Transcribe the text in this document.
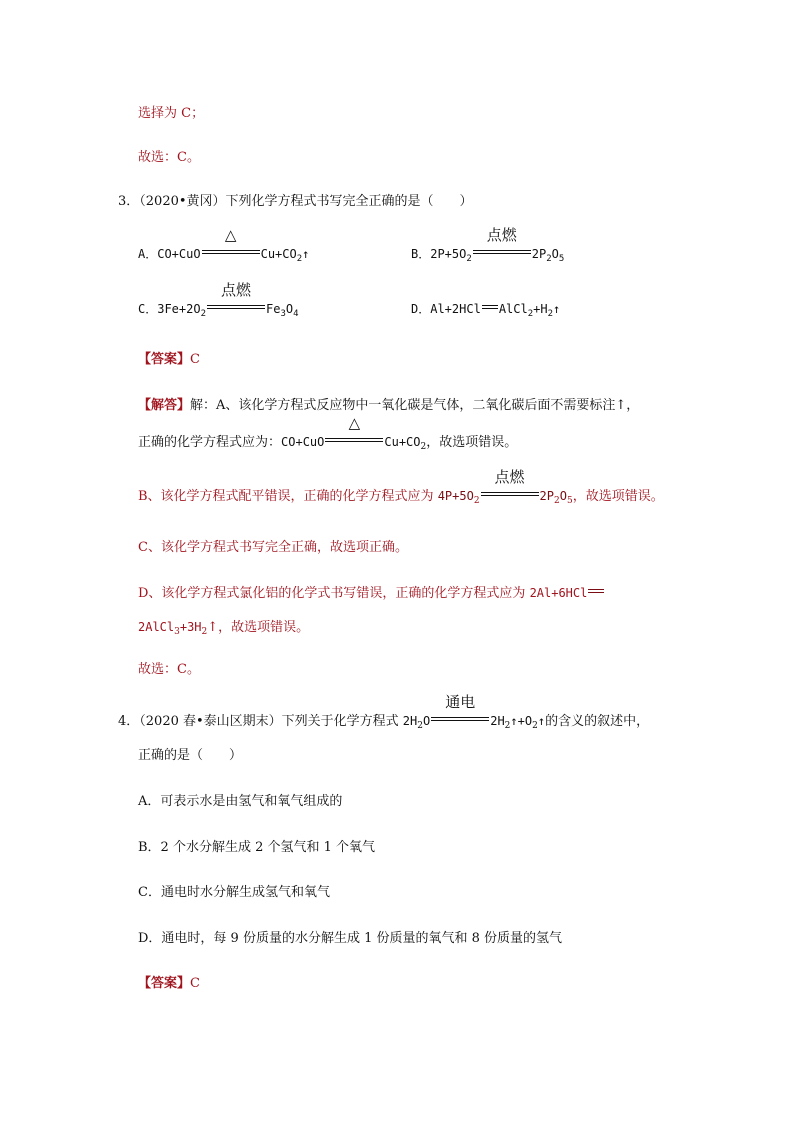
选择为 C；
故选：C。
3．（2020•黄冈）下列化学方程式书写完全正确的是（　　）
A．CO+CuO
△
$Cu+CO_2↑$	B．$2P+5O_2$
点燃
$2P_2O_5$
C．$3Fe+2O_2$
点燃
$Fe_3O_4$	D．Al+2HCl $AlCl_2+H_2↑$
【答案】C
【解答】解：A、该化学方程式反应物中一氧化碳是气体，二氧化碳后面不需要标注↑，
正确的化学方程式应为：CO+CuO
△
$Cu+CO_2$，故选项错误。
B、该化学方程式配平错误，正确的化学方程式应为 $4P+5O_2$
点燃
$2P_2O_5$，故选项错误。
C、该化学方程式书写完全正确，故选项正确。
D、该化学方程式氯化铝的化学式书写错误，正确的化学方程式应为 2Al+6HCl
$2AlCl_3+3H_2↑$，故选项错误。
故选：C。
4．（2020 春•泰山区期末）下列关于化学方程式 $2H_2O$
通电
$2H_2↑+O_2↑$的含义的叙述中，
正确的是（　　）
A．可表示水是由氢气和氧气组成的
B．2 个水分解生成 2 个氢气和 1 个氧气
C．通电时水分解生成氢气和氧气
D．通电时，每 9 份质量的水分解生成 1 份质量的氧气和 8 份质量的氢气
【答案】C
